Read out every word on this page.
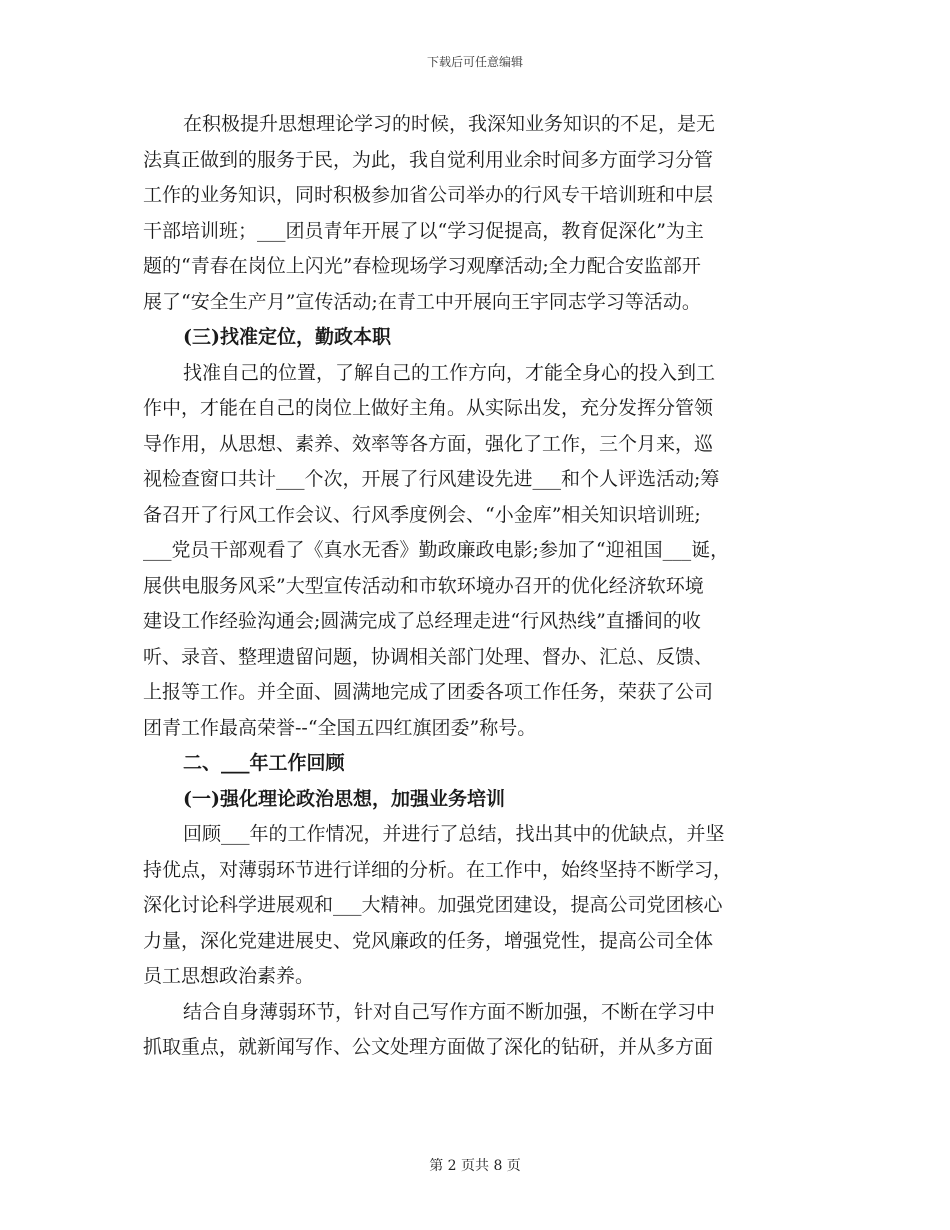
下载后可任意编辑
在积极提升思想理论学习的时候，我深知业务知识的不足，是无
法真正做到的服务于民，为此，我自觉利用业余时间多方面学习分管
工作的业务知识，同时积极参加省公司举办的行风专干培训班和中层
干部培训班；___团员青年开展了以“学习促提高，教育促深化”为主
题的“青春在岗位上闪光”春检现场学习观摩活动;全力配合安监部开
展了“安全生产月”宣传活动;在青工中开展向王宇同志学习等活动。
(三)找准定位，勤政本职
找准自己的位置，了解自己的工作方向，才能全身心的投入到工
作中，才能在自己的岗位上做好主角。从实际出发，充分发挥分管领
导作用，从思想、素养、效率等各方面，强化了工作，三个月来，巡
视检查窗口共计___个次，开展了行风建设先进___和个人评选活动;筹
备召开了行风工作会议、行风季度例会、“小金库”相关知识培训班;
___党员干部观看了《真水无香》勤政廉政电影;参加了“迎祖国___诞，
展供电服务风采”大型宣传活动和市软环境办召开的优化经济软环境
建设工作经验沟通会;圆满完成了总经理走进“行风热线”直播间的收
听、录音、整理遗留问题，协调相关部门处理、督办、汇总、反馈、
上报等工作。并全面、圆满地完成了团委各项工作任务，荣获了公司
团青工作最高荣誉--“全国五四红旗团委”称号。
二、___年工作回顾
(一)强化理论政治思想，加强业务培训
回顾___年的工作情况，并进行了总结，找出其中的优缺点，并坚
持优点，对薄弱环节进行详细的分析。在工作中，始终坚持不断学习，
深化讨论科学进展观和___大精神。加强党团建设，提高公司党团核心
力量，深化党建进展史、党风廉政的任务，增强党性，提高公司全体
员工思想政治素养。
结合自身薄弱环节，针对自己写作方面不断加强，不断在学习中
抓取重点，就新闻写作、公文处理方面做了深化的钻研，并从多方面
第 2 页共 8 页
